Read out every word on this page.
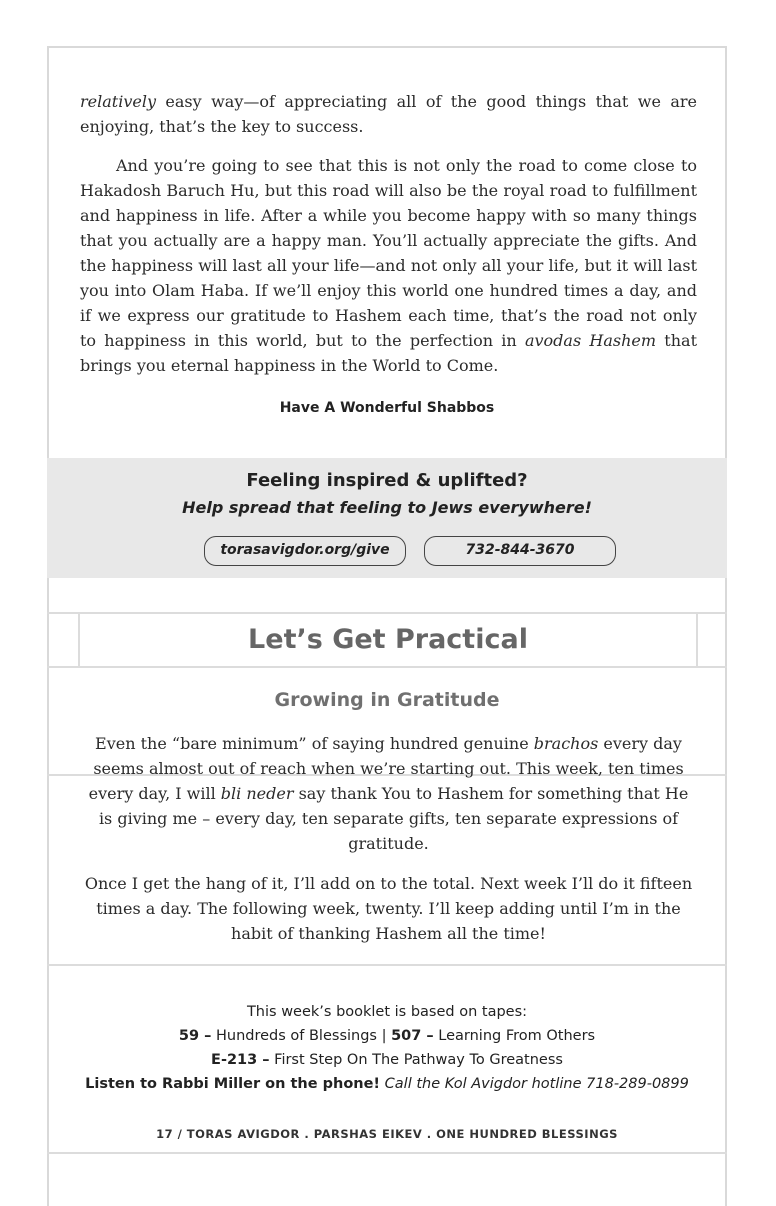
relatively easy way—of appreciating all of the good things that we are enjoying, that’s the key to success.

And you’re going to see that this is not only the road to come close to Hakadosh Baruch Hu, but this road will also be the royal road to fulfillment and happiness in life. After a while you become happy with so many things that you actually are a happy man. You’ll actually appreciate the gifts. And the happiness will last all your life—and not only all your life, but it will last you into Olam Haba. If we’ll enjoy this world one hundred times a day, and if we express our gratitude to Hashem each time, that’s the road not only to happiness in this world, but to the perfection in avodas Hashem that brings you eternal happiness in the World to Come.

Have A Wonderful Shabbos
Feeling inspired & uplifted?
Help spread that feeling to Jews everywhere!
torasavigdor.org/give	732-844-3670
Let’s Get Practical
Growing in Gratitude

Even the “bare minimum” of saying hundred genuine brachos every day seems almost out of reach when we’re starting out. This week, ten times every day, I will bli neder say thank You to Hashem for something that He is giving me – every day, ten separate gifts, ten separate expressions of gratitude.

Once I get the hang of it, I’ll add on to the total. Next week I’ll do it fifteen times a day. The following week, twenty. I’ll keep adding until I’m in the habit of thanking Hashem all the time!

This week’s booklet is based on tapes:
59 – Hundreds of Blessings | 507 – Learning From Others
E-213 – First Step On The Pathway To Greatness
Listen to Rabbi Miller on the phone! Call the Kol Avigdor hotline 718-289-0899
17 / TORAS AVIGDOR . PARSHAS EIKEV . ONE HUNDRED BLESSINGS
